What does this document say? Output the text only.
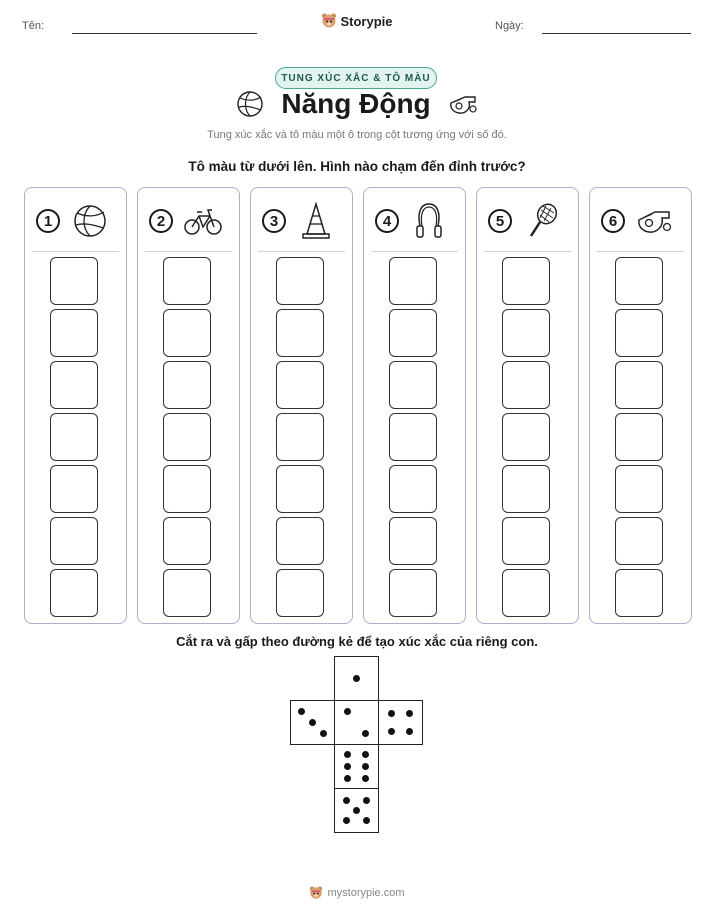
Tên:	Ngày:
Storypie
TUNG XÚC XẮC & TÔ MÀU
Năng Động
Tung xúc xắc và tô màu một ô trong cột tương ứng với số đó.
Tô màu từ dưới lên. Hình nào chạm đến đỉnh trước?
1	2	3	4	5	6
Cắt ra và gấp theo đường kẻ để tạo xúc xắc của riêng con.
mystorypie.com
